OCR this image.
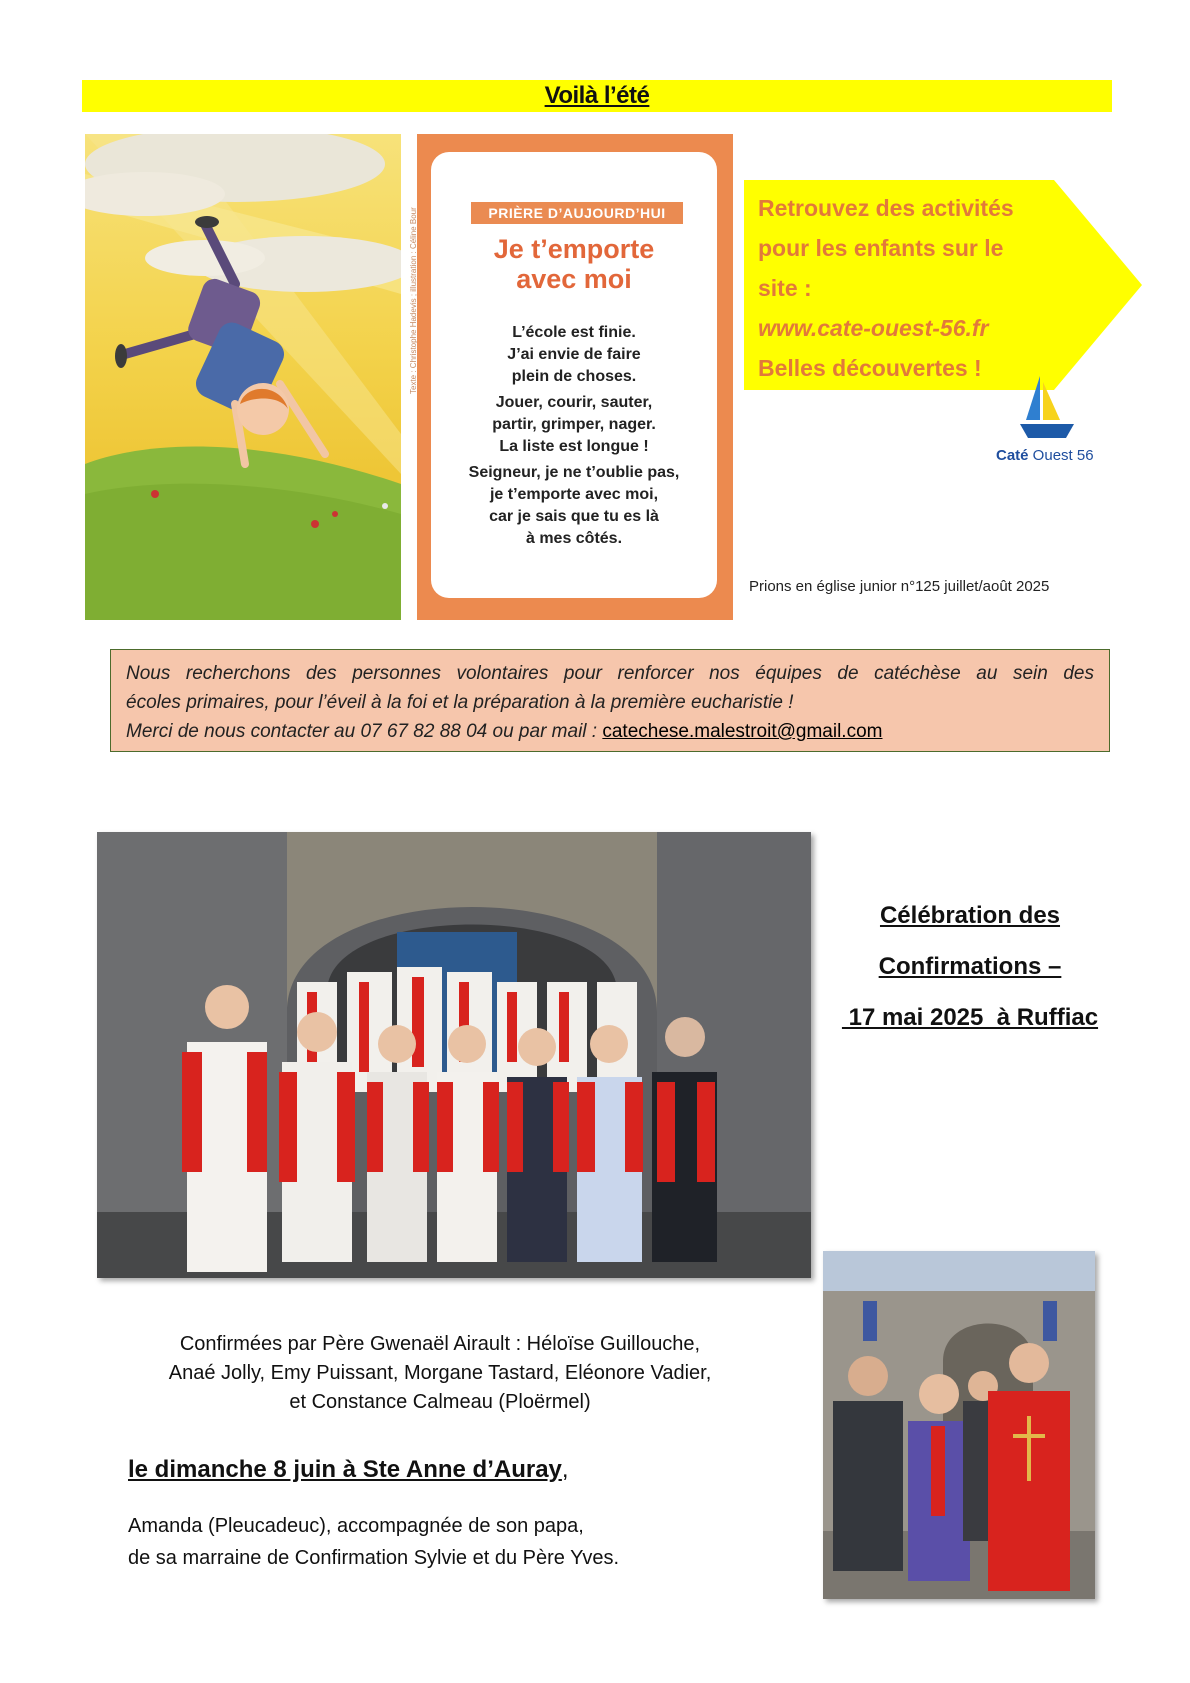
Voilà l’été
PRIÈRE D’AUJOURD’HUI
Je t’emporte
avec moi
L’école est finie.
J’ai envie de faire
plein de choses.
Jouer, courir, sauter,
partir, grimper, nager.
La liste est longue !
Seigneur, je ne t’oublie pas,
je t’emporte avec moi,
car je sais que tu es là
à mes côtés.
Texte : Christophe Hadevis ; illustration : Céline Bour	Retrouvez des activités
pour les enfants sur le
site :
www.cate-ouest-56.fr
Belles découvertes !
Caté Ouest 56
Prions en église junior n°125 juillet/août 2025
Nous recherchons des personnes volontaires pour renforcer nos équipes de catéchèse au sein des
écoles primaires, pour l’éveil à la foi et la préparation à la première eucharistie !
Merci de nous contacter au 07 67 82 88 04 ou par mail : catechese.malestroit@gmail.com
Célébration des
Confirmations –
17 mai 2025  à Ruffiac
Confirmées par Père Gwenaël Airault : Héloïse Guillouche,
Anaé Jolly, Emy Puissant, Morgane Tastard, Eléonore Vadier,
et Constance Calmeau (Ploërmel)
le dimanche 8 juin à Ste Anne d’Auray,
Amanda (Pleucadeuc), accompagnée de son papa,
de sa marraine de Confirmation Sylvie et du Père Yves.
